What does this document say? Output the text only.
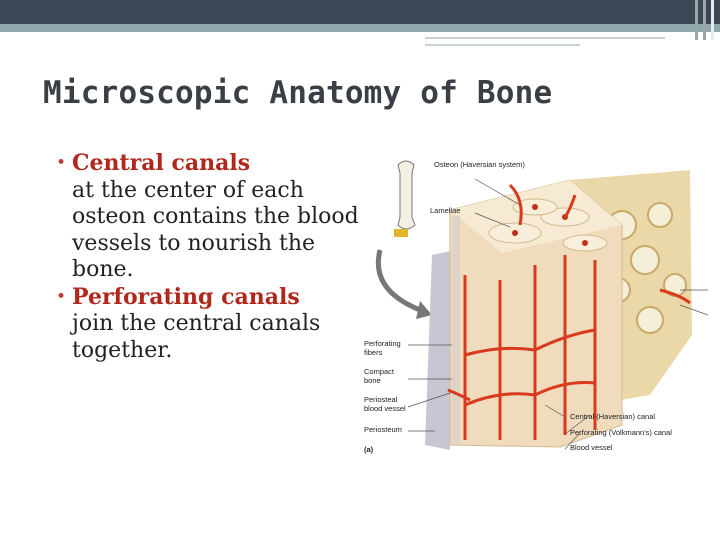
Microscopic Anatomy of Bone
• Central canals
at the center of each osteon contains the blood vessels to nourish the bone.
• Perforating canals
join the central canals together.
Osteon (Haversian system)
Lamellae
Perforating fibers
Compact bone
Periosteal blood vessel
Periosteum
(a)
Central (Haversian) canal
Perforating (Volkmann's) canal
Blood vessel
